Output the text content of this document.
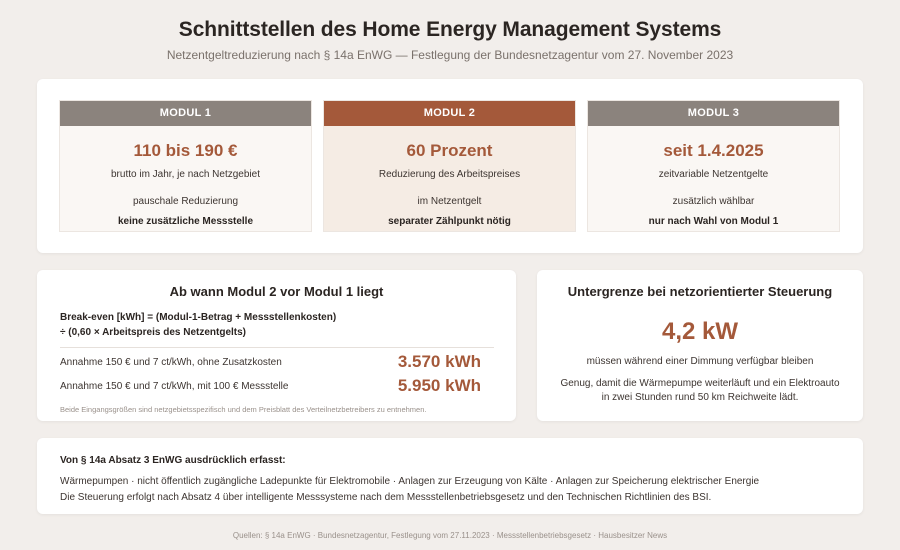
Schnittstellen des Home Energy Management Systems
Netzentgeltreduzierung nach § 14a EnWG — Festlegung der Bundesnetzagentur vom 27. November 2023
MODUL 1
110 bis 190 €
brutto im Jahr, je nach Netzgebiet
pauschale Reduzierung
keine zusätzliche Messstelle
MODUL 2
60 Prozent
Reduzierung des Arbeitspreises
im Netzentgelt
separater Zählpunkt nötig
MODUL 3
seit 1.4.2025
zeitvariable Netzentgelte
zusätzlich wählbar
nur nach Wahl von Modul 1
Ab wann Modul 2 vor Modul 1 liegt
Break-even [kWh] = (Modul-1-Betrag + Messstellenkosten)
÷ (0,60 × Arbeitspreis des Netzentgelts)
Annahme 150 € und 7 ct/kWh, ohne Zusatzkosten	3.570 kWh
Annahme 150 € und 7 ct/kWh, mit 100 € Messstelle	5.950 kWh
Beide Eingangsgrößen sind netzgebietsspezifisch und dem Preisblatt des Verteilnetzbetreibers zu entnehmen.
Untergrenze bei netzorientierter Steuerung
4,2 kW
müssen während einer Dimmung verfügbar bleiben
Genug, damit die Wärmepumpe weiterläuft und ein Elektroauto in zwei Stunden rund 50 km Reichweite lädt.
Von § 14a Absatz 3 EnWG ausdrücklich erfasst:
Wärmepumpen · nicht öffentlich zugängliche Ladepunkte für Elektromobile · Anlagen zur Erzeugung von Kälte · Anlagen zur Speicherung elektrischer Energie
Die Steuerung erfolgt nach Absatz 4 über intelligente Messsysteme nach dem Messstellenbetriebsgesetz und den Technischen Richtlinien des BSI.
Quellen: § 14a EnWG · Bundesnetzagentur, Festlegung vom 27.11.2023 · Messstellenbetriebsgesetz · Hausbesitzer News
